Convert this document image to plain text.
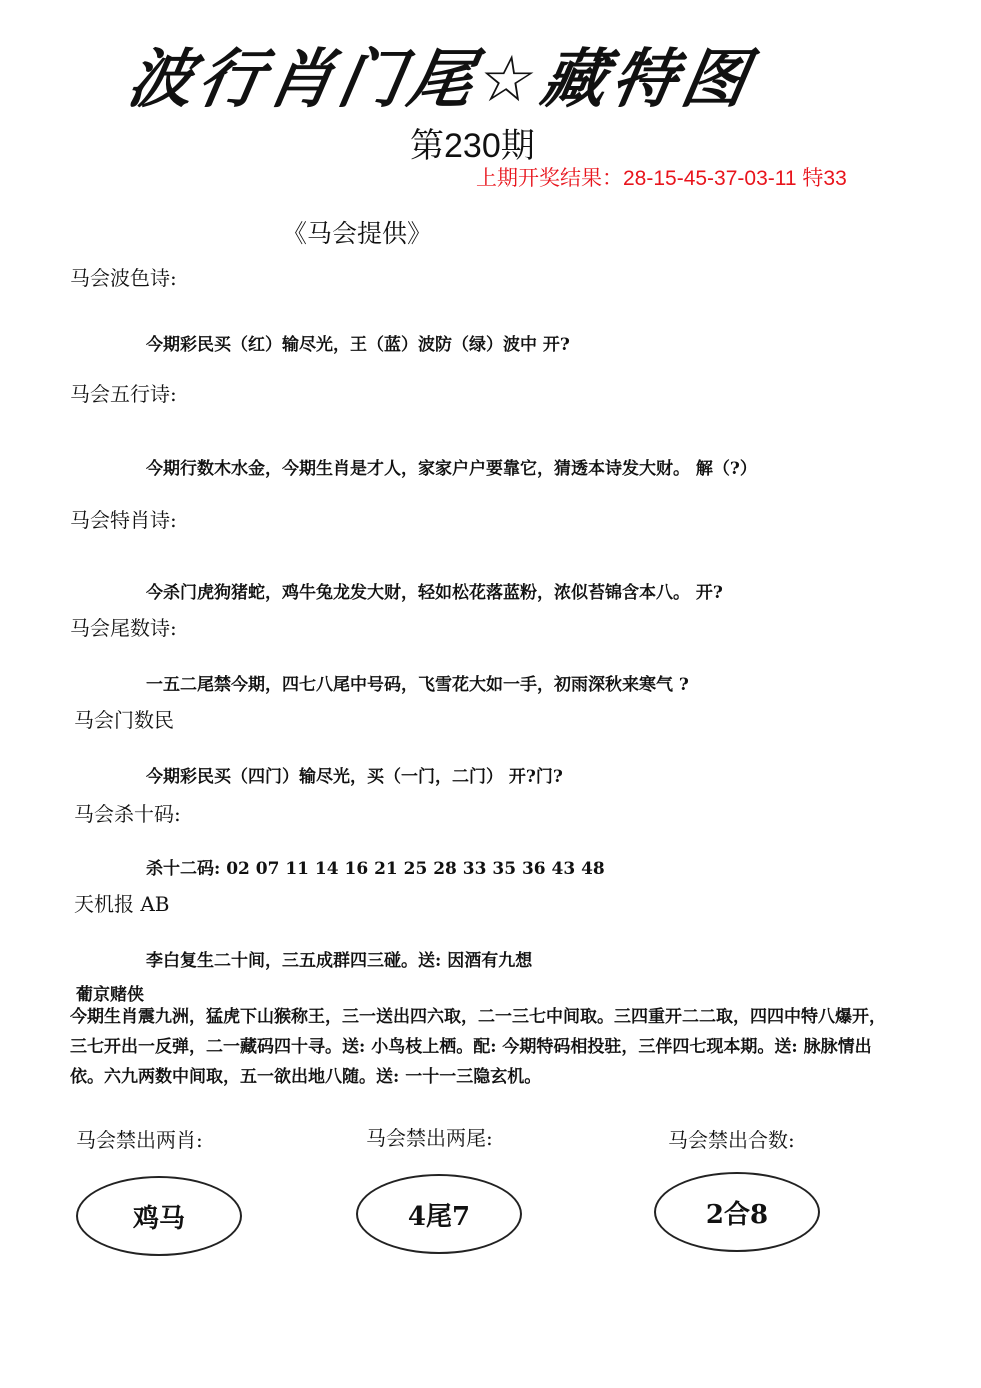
波行肖门尾☆藏特图
第230期
上期开奖结果：28-15-45-37-03-11 特33
《马会提供》
马会波色诗:
今期彩民买（红）输尽光，王（蓝）波防（绿）波中 开?
马会五行诗:
今期行数木水金，今期生肖是才人，家家户户要靠它，猜透本诗发大财。 解（?）
马会特肖诗:
今杀门虎狗猪蛇，鸡牛兔龙发大财，轻如松花落蓝粉，浓似苔锦含本八。 开?
马会尾数诗:
一五二尾禁今期，四七八尾中号码，飞雪花大如一手，初雨深秋来寒气 ?
马会门数民
今期彩民买（四门）输尽光，买（一门，二门） 开?门?
马会杀十码:
杀十二码: 02 07 11 14 16 21 25 28 33 35 36 43 48
天机报 AB
李白复生二十间，三五成群四三碰。送: 因酒有九想
葡京赌侠
今期生肖震九洲，猛虎下山猴称王，三一送出四六取，二一三七中间取。三四重开二二取，四四中特八爆开，三七开出一反弹，二一藏码四十寻。送: 小鸟枝上栖。配: 今期特码相投驻，三伴四七现本期。送: 脉脉情出依。六九两数中间取，五一欲出地八随。送: 一十一三隐玄机。
马会禁出两肖:	马会禁出两尾:	马会禁出合数:
鸡马	4尾7	2合8
